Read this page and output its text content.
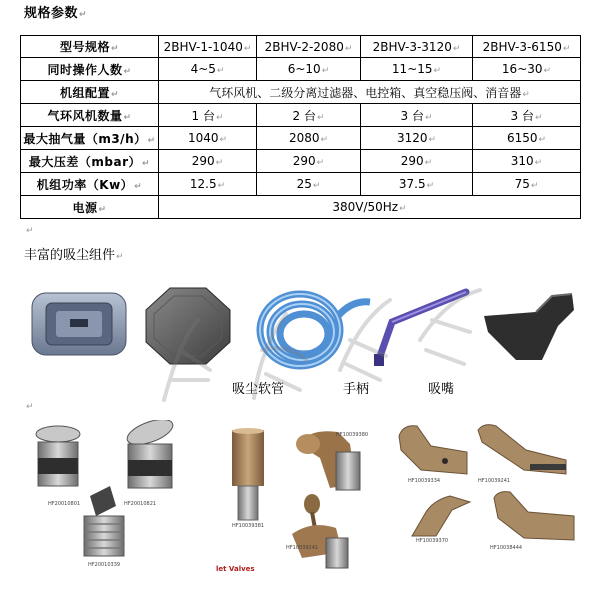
规格参数↵
型号规格↵	2BHV-1-1040↵	2BHV-2-2080↵	2BHV-3-3120↵	2BHV-3-6150↵
同时操作人数↵	4~5↵	6~10↵	11~15↵	16~30↵
机组配置↵	气环风机、二级分离过滤器、电控箱、真空稳压阀、消音器↵			
气环风机数量↵	1 台↵	2 台↵	3 台↵	3 台↵
最大抽气量（m3/h）↵	1040↵	2080↵	3120↵	6150↵
最大压差（mbar）↵	290↵	290↵	290↵	310↵
机组功率（Kw）↵	12.5↵	25↵	37.5↵	75↵
电源↵	380V/50Hz↵			
↵
丰富的吸尘组件↵
吸尘软管	手柄	吸嘴
↵
HF20010801	HF20010821
HF20010339
HF10039381
HF10039380
HF10039241
let Valves
HF10039334	HF10039241
HF10039370
HF10038444
